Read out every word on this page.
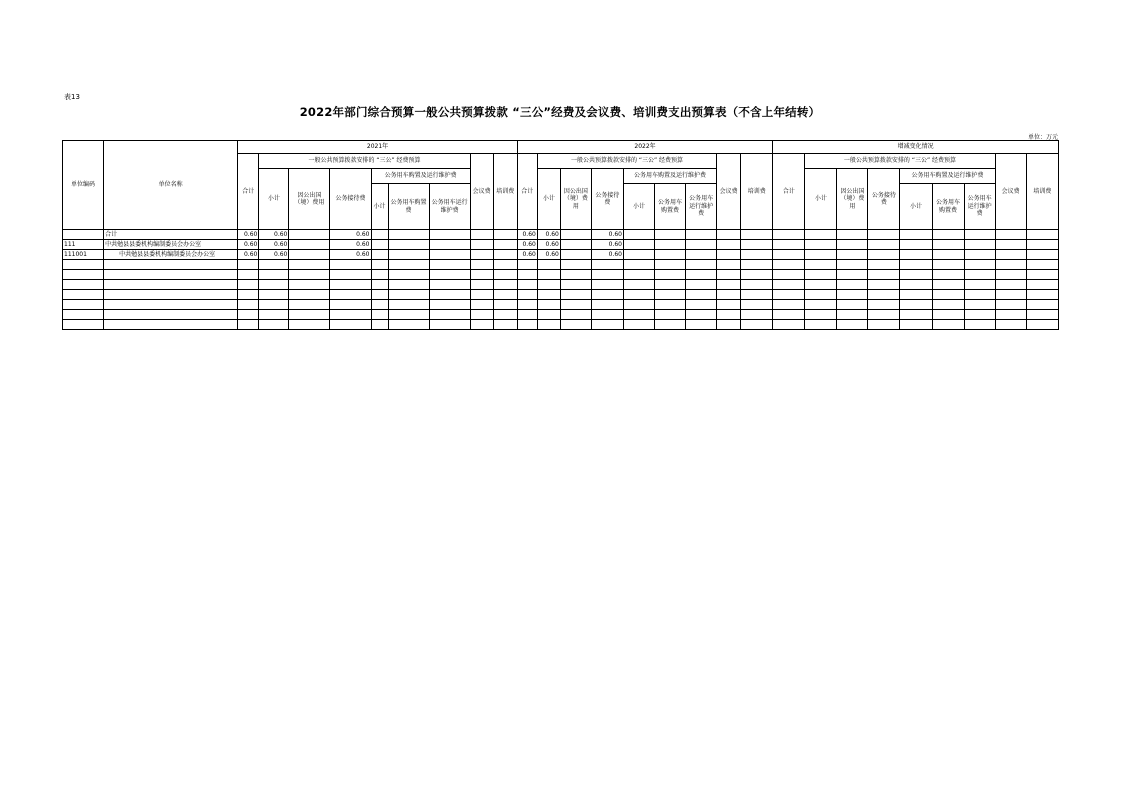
表13
2022年部门综合预算一般公共预算拨款 “三公”经费及会议费、培训费支出预算表（不含上年结转）
单位：万元
单位编码	单位名称	2021年									2022年									增减变化情况								
		合计	一般公共预算拨款安排的 “三公” 经费预算						会议费	培训费	合计	一般公共预算拨款安排的 “三公” 经费预算						会议费	培训费	合计	一般公共预算拨款安排的 “三公” 经费预算						会议费	培训费
			小计	因公出国（境）费用	公务接待费	公务用车购置及运行维护费						小计	因公出国（境）费用	公务接待费	公务用车购置及运行维护费						小计	因公出国（境）费用	公务接待费	公务用车购置及运行维护费				
						小计	公务用车购置费	公务用车运行维护费							小计	公务用车购置费	公务用车运行维护费							小计	公务用车购置费	公务用车运行维护费		
	合计	0.60	0.60		0.60						0.60	0.60		0.60														
111	中共勉县县委机构编制委员会办公室	0.60	0.60		0.60						0.60	0.60		0.60														
111001	中共勉县县委机构编制委员会办公室	0.60	0.60		0.60						0.60	0.60		0.60														
